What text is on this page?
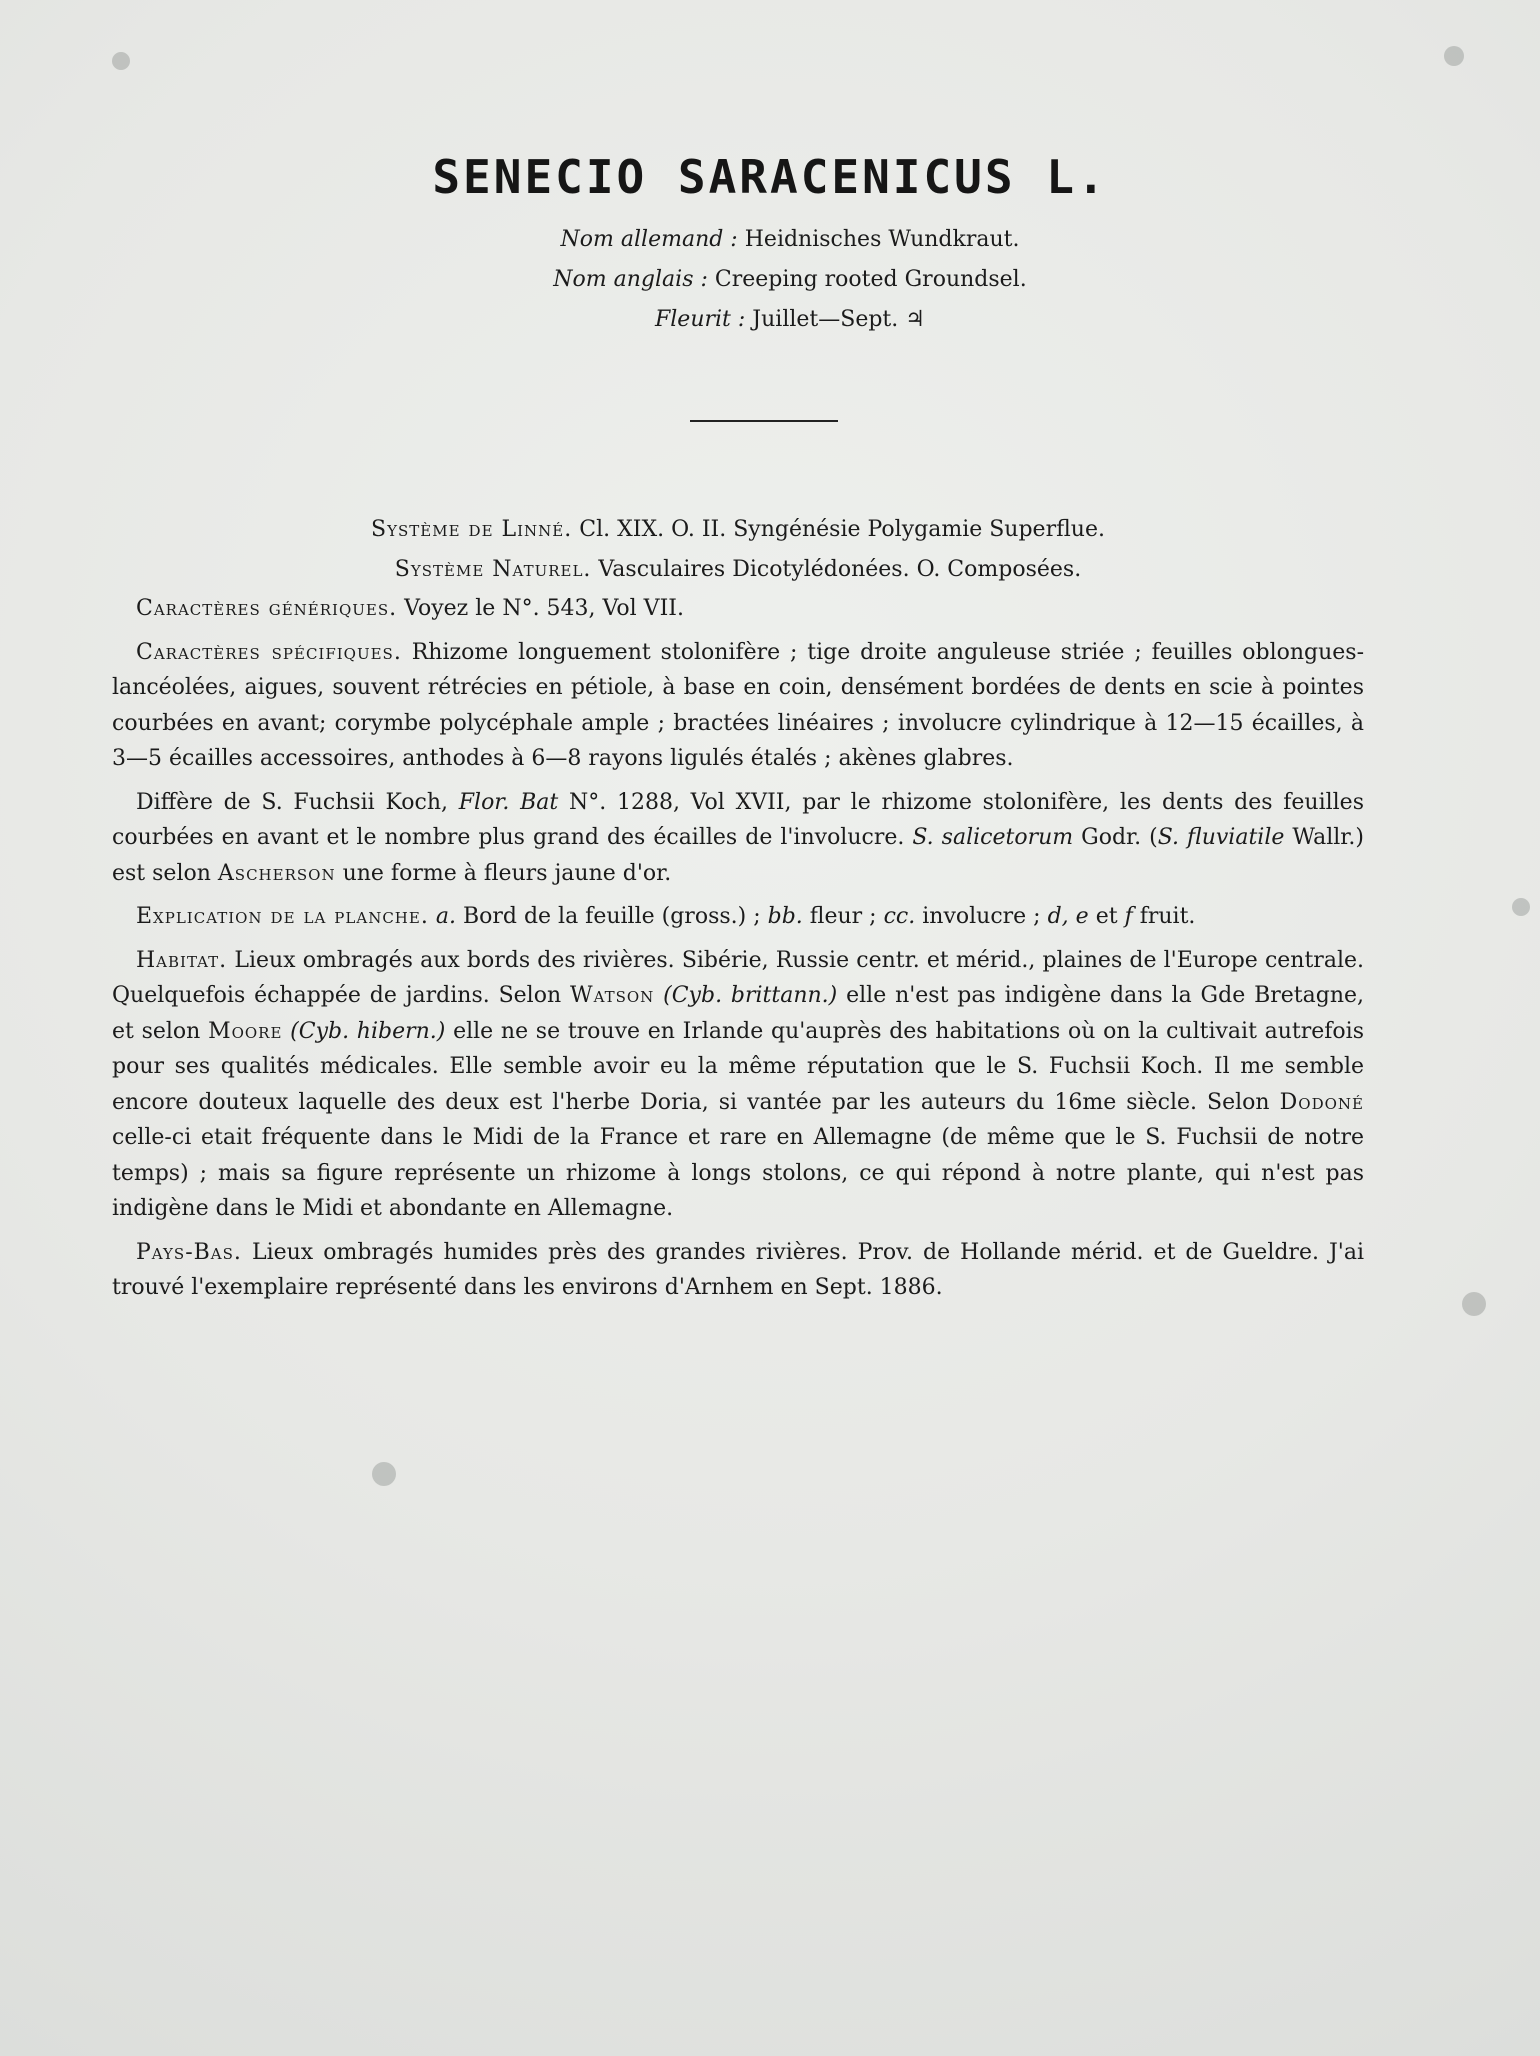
SENECIO SARACENICUS L.
Nom allemand : Heidnisches Wundkraut.
Nom anglais : Creeping rooted Groundsel.
Fleurit : Juillet—Sept. ♃

Système de Linné. Cl. XIX. O. II. Syngénésie Polygamie Superflue.

Système Naturel. Vasculaires Dicotylédonées. O. Composées.

Caractères génériques. Voyez le N°. 543, Vol VII.

Caractères spécifiques. Rhizome longuement stolonifère ; tige droite anguleuse striée ; feuilles oblongues-lancéolées, aigues, souvent rétrécies en pétiole, à base en coin, densément bordées de dents en scie à pointes courbées en avant; corymbe polycéphale ample ; bractées linéaires ; involucre cylindrique à 12—15 écailles, à 3—5 écailles accessoires, anthodes à 6—8 rayons ligulés étalés ; akènes glabres.

Diffère de S. Fuchsii Koch, Flor. Bat N°. 1288, Vol XVII, par le rhizome stolonifère, les dents des feuilles courbées en avant et le nombre plus grand des écailles de l'involucre. S. salicetorum Godr. (S. fluviatile Wallr.) est selon Ascherson une forme à fleurs jaune d'or.

Explication de la planche. a. Bord de la feuille (gross.) ; bb. fleur ; cc. involucre ; d, e et f fruit.

Habitat. Lieux ombragés aux bords des rivières. Sibérie, Russie centr. et mérid., plaines de l'Europe centrale. Quelquefois échappée de jardins. Selon Watson (Cyb. brittann.) elle n'est pas indigène dans la Gde Bretagne, et selon Moore (Cyb. hibern.) elle ne se trouve en Irlande qu'auprès des habitations où on la cultivait autrefois pour ses qualités médicales. Elle semble avoir eu la même réputation que le S. Fuchsii Koch. Il me semble encore douteux laquelle des deux est l'herbe Doria, si vantée par les auteurs du 16me siècle. Selon Dodoné celle-ci etait fréquente dans le Midi de la France et rare en Allemagne (de même que le S. Fuchsii de notre temps) ; mais sa figure représente un rhizome à longs stolons, ce qui répond à notre plante, qui n'est pas indigène dans le Midi et abondante en Allemagne.

Pays-Bas. Lieux ombragés humides près des grandes rivières. Prov. de Hollande mérid. et de Gueldre. J'ai trouvé l'exemplaire représenté dans les environs d'Arnhem en Sept. 1886.
